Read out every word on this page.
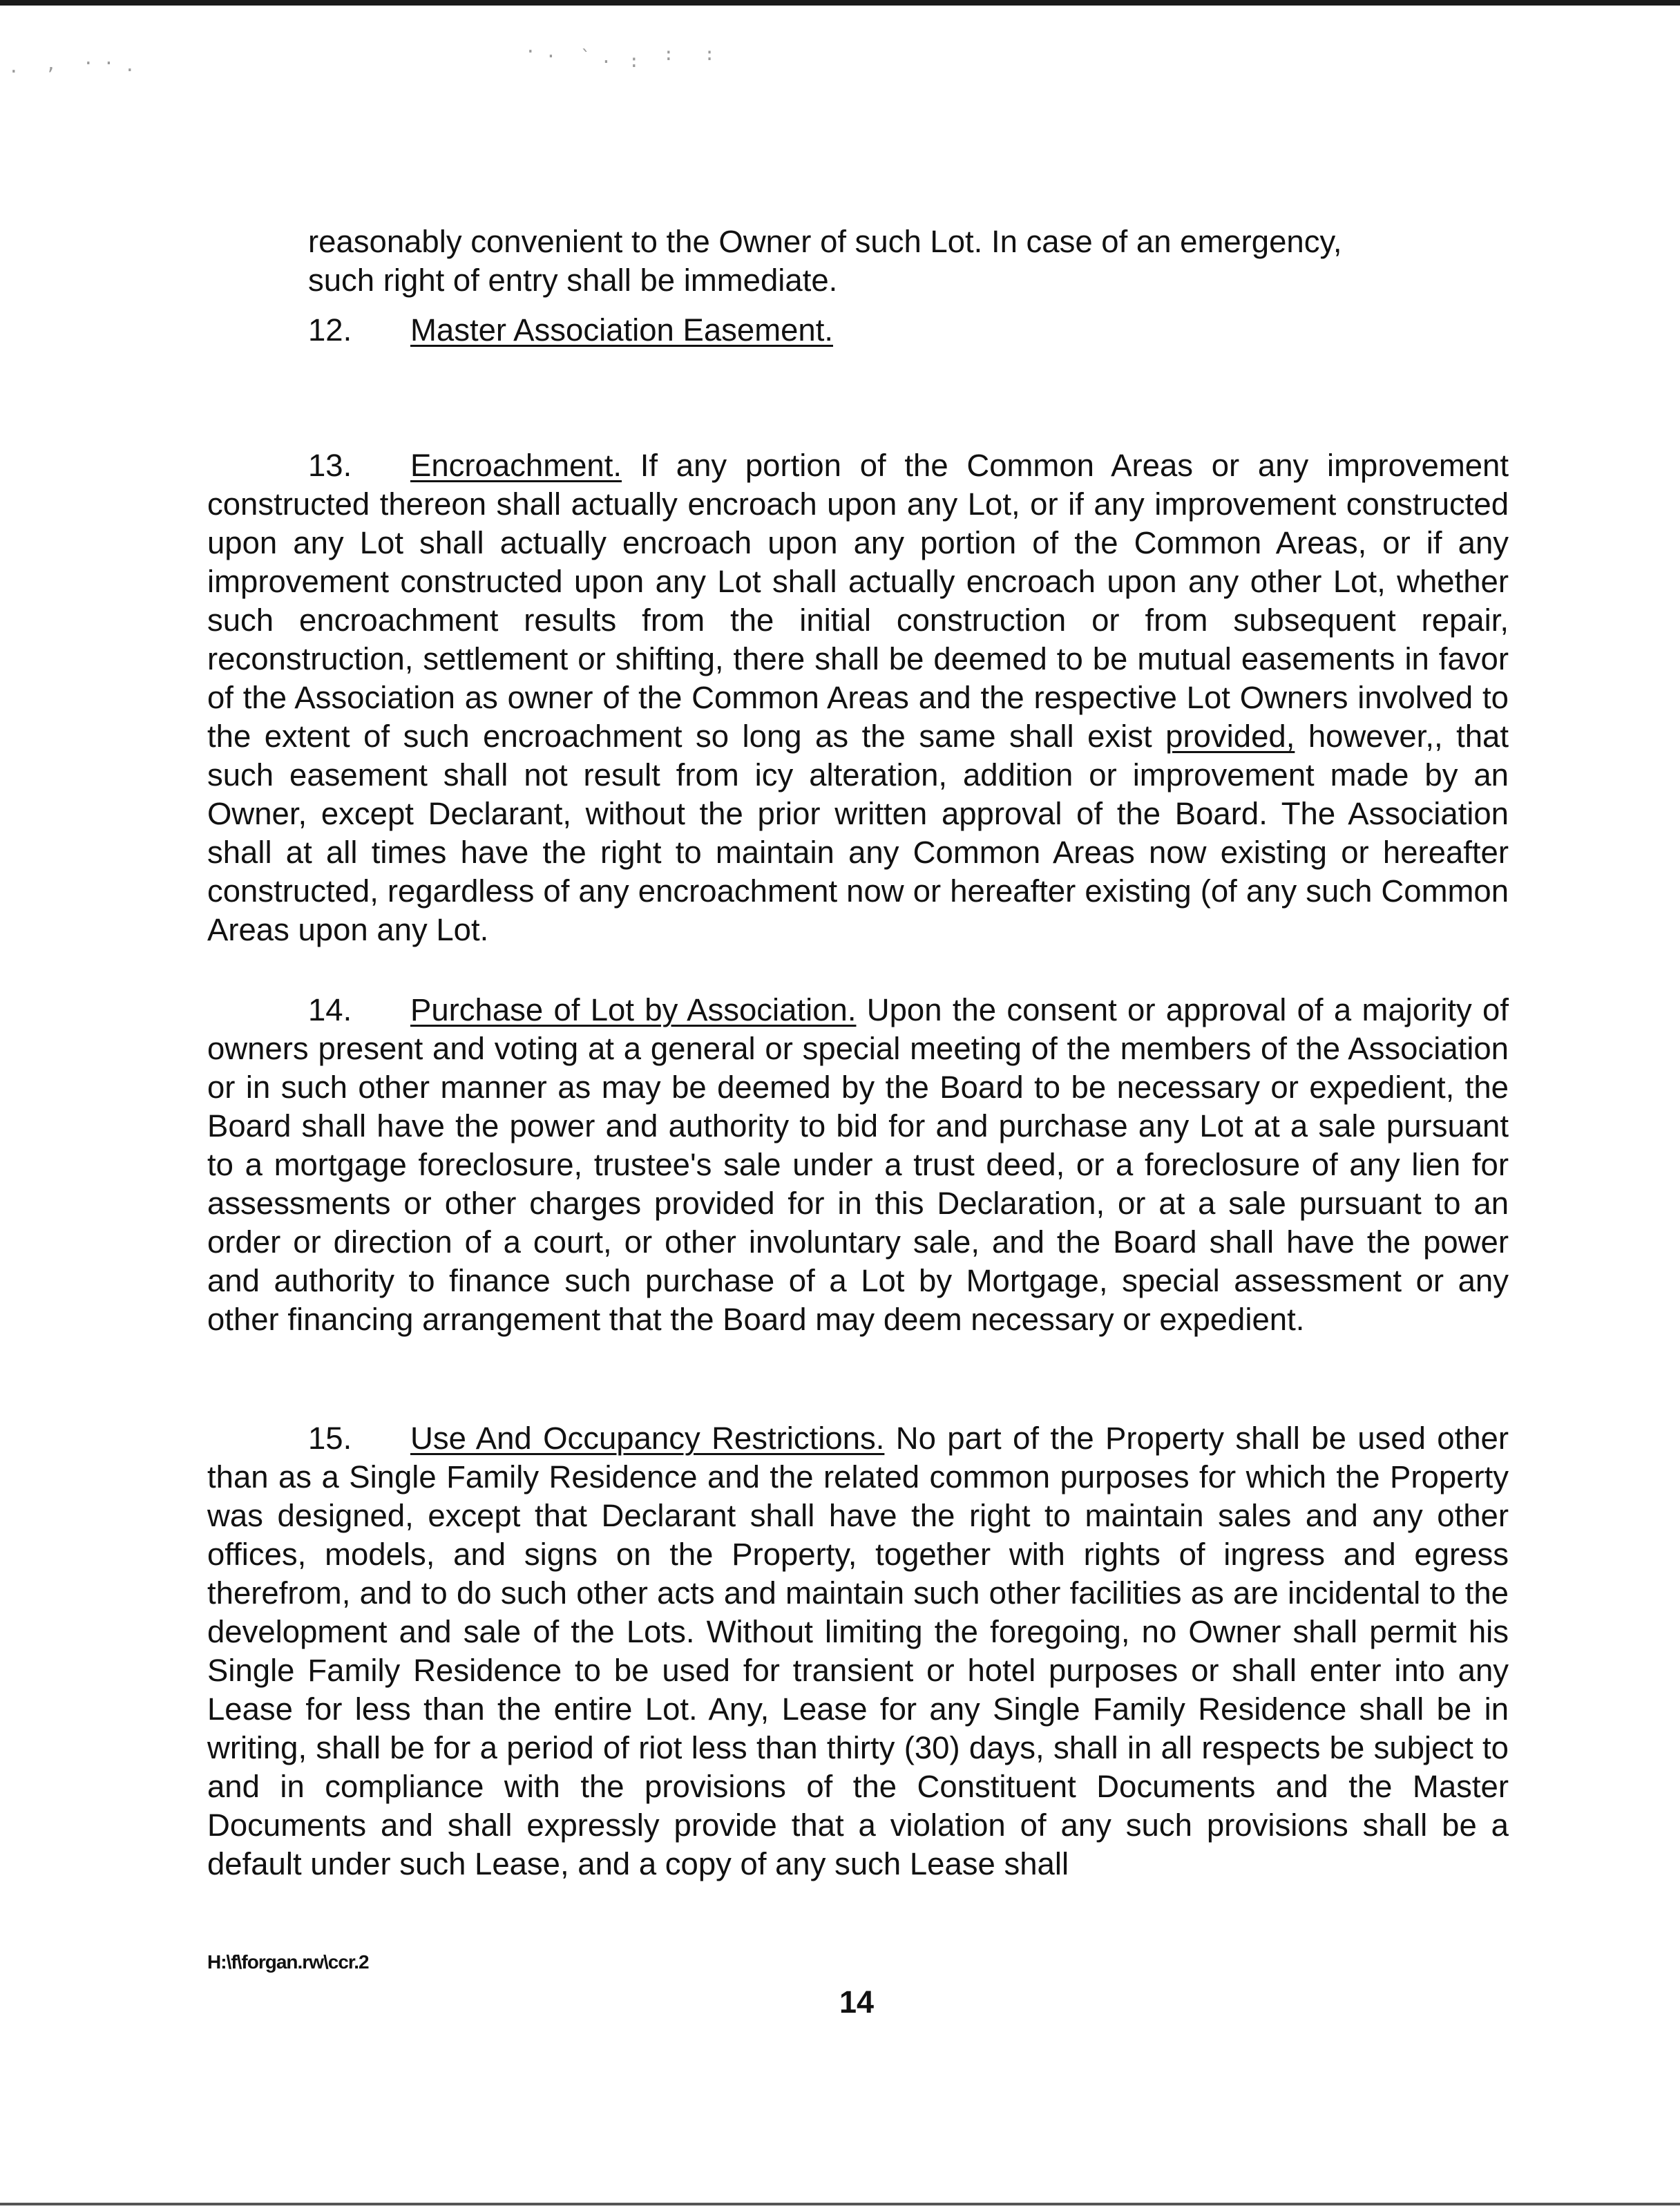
. , .. .
·. `. : : :
reasonably convenient to the Owner of such Lot. In case of an emergency,
such right of entry shall be immediate.
12. Master Association Easement.

13. Encroachment. If any portion of the Common Areas or any improvement constructed thereon shall actually encroach upon any Lot, or if any improvement constructed upon any Lot shall actually encroach upon any portion of the Common Areas, or if any improvement constructed upon any Lot shall actually encroach upon any other Lot, whether such encroachment results from the initial construction or from subsequent repair, reconstruction, settlement or shifting, there shall be deemed to be mutual easements in favor of the Association as owner of the Common Areas and the respective Lot Owners involved to the extent of such encroachment so long as the same shall exist provided, however,, that such easement shall not result from icy alteration, addition or improvement made by an Owner, except Declarant, without the prior written approval of the Board. The Association shall at all times have the right to maintain any Common Areas now existing or hereafter constructed, regardless of any encroachment now or hereafter existing (of any such Common Areas upon any Lot.

14. Purchase of Lot by Association. Upon the consent or approval of a majority of owners present and voting at a general or special meeting of the members of the Association or in such other manner as may be deemed by the Board to be necessary or expedient, the Board shall have the power and authority to bid for and purchase any Lot at a sale pursuant to a mortgage foreclosure, trustee's sale under a trust deed, or a foreclosure of any lien for assessments or other charges provided for in this Declaration, or at a sale pursuant to an order or direction of a court, or other involuntary sale, and the Board shall have the power and authority to finance such purchase of a Lot by Mortgage, special assessment or any other financing arrangement that the Board may deem necessary or expedient.

15. Use And Occupancy Restrictions. No part of the Property shall be used other than as a Single Family Residence and the related common purposes for which the Property was designed, except that Declarant shall have the right to maintain sales and any other offices, models, and signs on the Property, together with rights of ingress and egress therefrom, and to do such other acts and maintain such other facilities as are incidental to the development and sale of the Lots. Without limiting the foregoing, no Owner shall permit his Single Family Residence to be used for transient or hotel purposes or shall enter into any Lease for less than the entire Lot. Any, Lease for any Single Family Residence shall be in writing, shall be for a period of riot less than thirty (30) days, shall in all respects be subject to and in compliance with the provisions of the Constituent Documents and the Master Documents and shall expressly provide that a violation of any such provisions shall be a default under such Lease, and a copy of any such Lease shall

H:\f\forgan.rw\ccr.2
14
